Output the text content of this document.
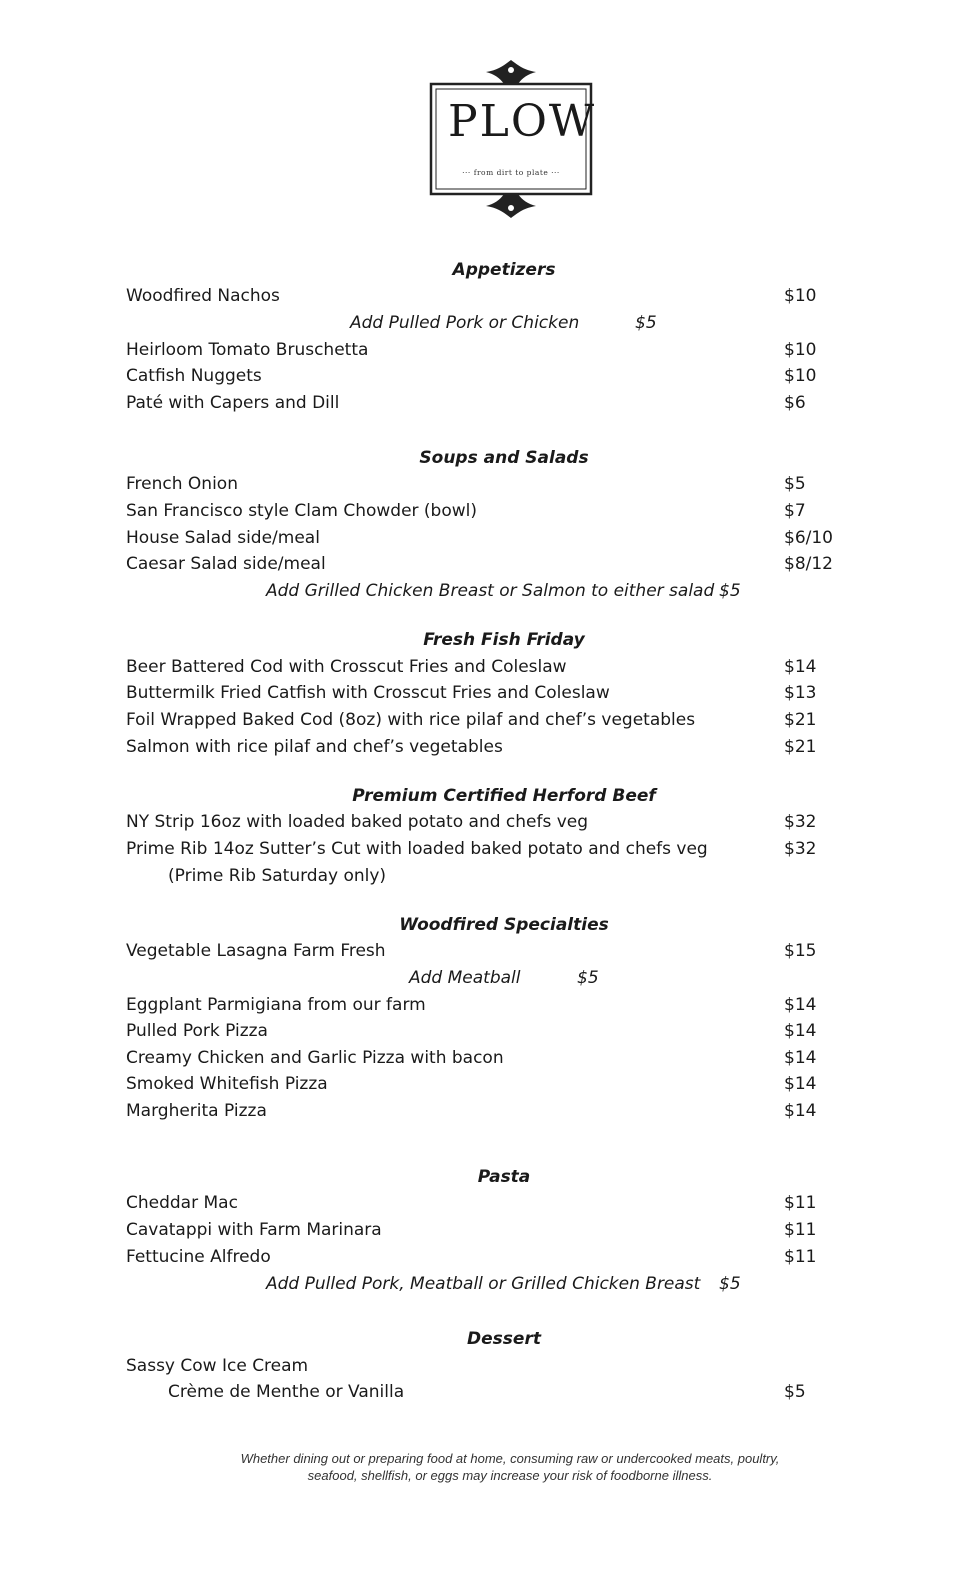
PLOW
··· from dirt to plate ···
Appetizers
Woodfired Nachos	$10
Add Pulled Pork or Chicken	$5
Heirloom Tomato Bruschetta	$10
Catfish Nuggets	$10
Paté with Capers and Dill	$6
Soups and Salads
French Onion	$5
San Francisco style Clam Chowder (bowl)	$7
House Salad side/meal	$6/10
Caesar Salad side/meal	$8/12
Add Grilled Chicken Breast or Salmon to either salad $5
Fresh Fish Friday
Beer Battered Cod with Crosscut Fries and Coleslaw	$14
Buttermilk Fried Catfish with Crosscut Fries and Coleslaw	$13
Foil Wrapped Baked Cod (8oz) with rice pilaf and chef’s vegetables	$21
Salmon with rice pilaf and chef’s vegetables	$21
Premium Certified Herford Beef
NY Strip 16oz with loaded baked potato and chefs veg	$32
Prime Rib 14oz Sutter’s Cut with loaded baked potato and chefs veg	$32
(Prime Rib Saturday only)
Woodfired Specialties
Vegetable Lasagna Farm Fresh	$15
Add Meatball	$5
Eggplant Parmigiana from our farm	$14
Pulled Pork Pizza	$14
Creamy Chicken and Garlic Pizza with bacon	$14
Smoked Whitefish Pizza	$14
Margherita Pizza	$14
Pasta
Cheddar Mac	$11
Cavatappi with Farm Marinara	$11
Fettucine Alfredo	$11
Add Pulled Pork, Meatball or Grilled Chicken Breast $5
Dessert
Sassy Cow Ice Cream
Crème de Menthe or Vanilla	$5
Whether dining out or preparing food at home, consuming raw or undercooked meats, poultry,
seafood, shellfish, or eggs may increase your risk of foodborne illness.
